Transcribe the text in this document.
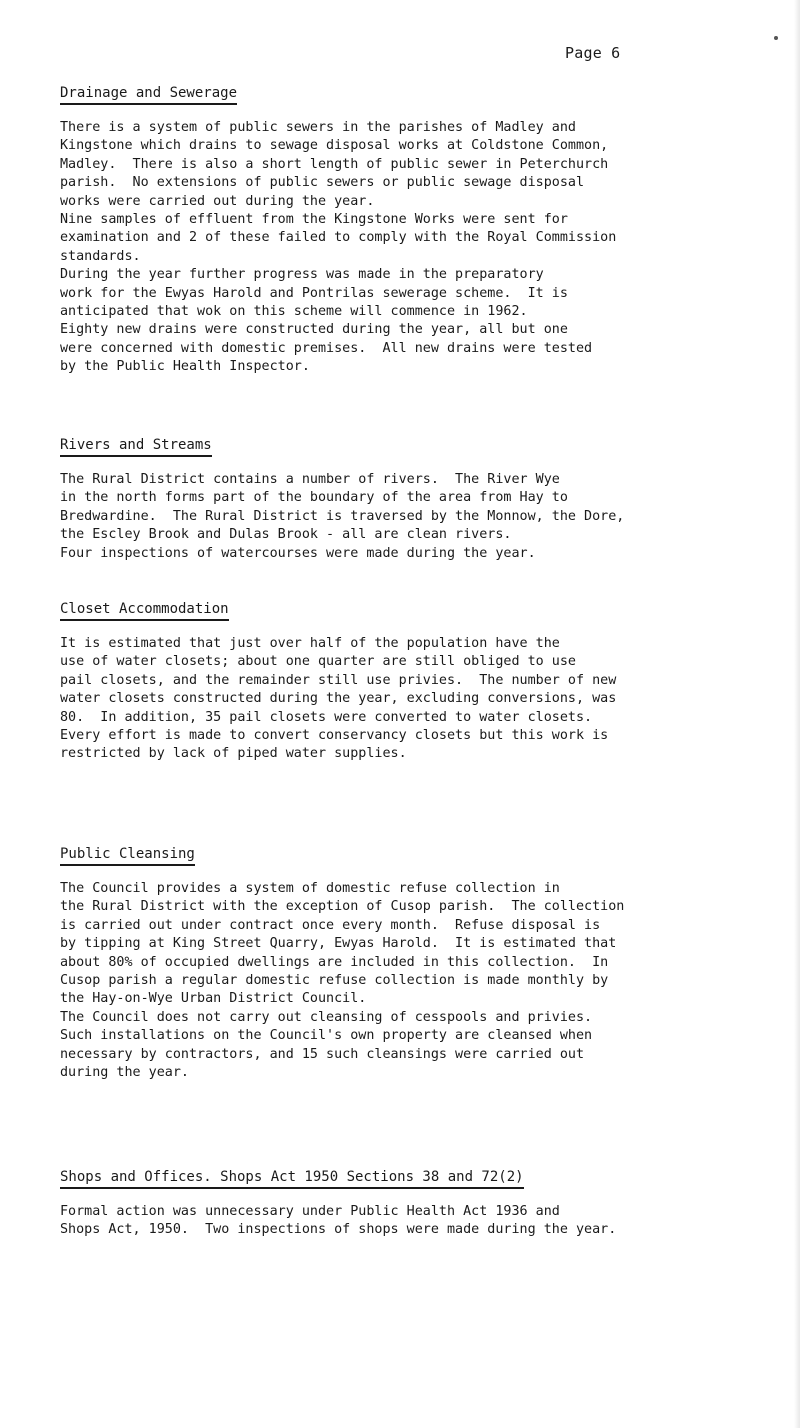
Page 6
Drainage and Sewerage

There is a system of public sewers in the parishes of Madley and
Kingstone which drains to sewage disposal works at Coldstone Common,
Madley.  There is also a short length of public sewer in Peterchurch
parish.  No extensions of public sewers or public sewage disposal
works were carried out during the year.
Nine samples of effluent from the Kingstone Works were sent for
examination and 2 of these failed to comply with the Royal Commission
standards.
During the year further progress was made in the preparatory
work for the Ewyas Harold and Pontrilas sewerage scheme.  It is
anticipated that wok on this scheme will commence in 1962.
Eighty new drains were constructed during the year, all but one
were concerned with domestic premises.  All new drains were tested
by the Public Health Inspector.

Rivers and Streams

The Rural District contains a number of rivers.  The River Wye
in the north forms part of the boundary of the area from Hay to
Bredwardine.  The Rural District is traversed by the Monnow, the Dore,
the Escley Brook and Dulas Brook - all are clean rivers.
Four inspections of watercourses were made during the year.

Closet Accommodation

It is estimated that just over half of the population have the
use of water closets; about one quarter are still obliged to use
pail closets, and the remainder still use privies.  The number of new
water closets constructed during the year, excluding conversions, was
80.  In addition, 35 pail closets were converted to water closets.
Every effort is made to convert conservancy closets but this work is
restricted by lack of piped water supplies.

Public Cleansing

The Council provides a system of domestic refuse collection in
the Rural District with the exception of Cusop parish.  The collection
is carried out under contract once every month.  Refuse disposal is
by tipping at King Street Quarry, Ewyas Harold.  It is estimated that
about 80% of occupied dwellings are included in this collection.  In
Cusop parish a regular domestic refuse collection is made monthly by
the Hay-on-Wye Urban District Council.
The Council does not carry out cleansing of cesspools and privies.
Such installations on the Council's own property are cleansed when
necessary by contractors, and 15 such cleansings were carried out
during the year.

Shops and Offices. Shops Act 1950 Sections 38 and 72(2)

Formal action was unnecessary under Public Health Act 1936 and
Shops Act, 1950.  Two inspections of shops were made during the year.
